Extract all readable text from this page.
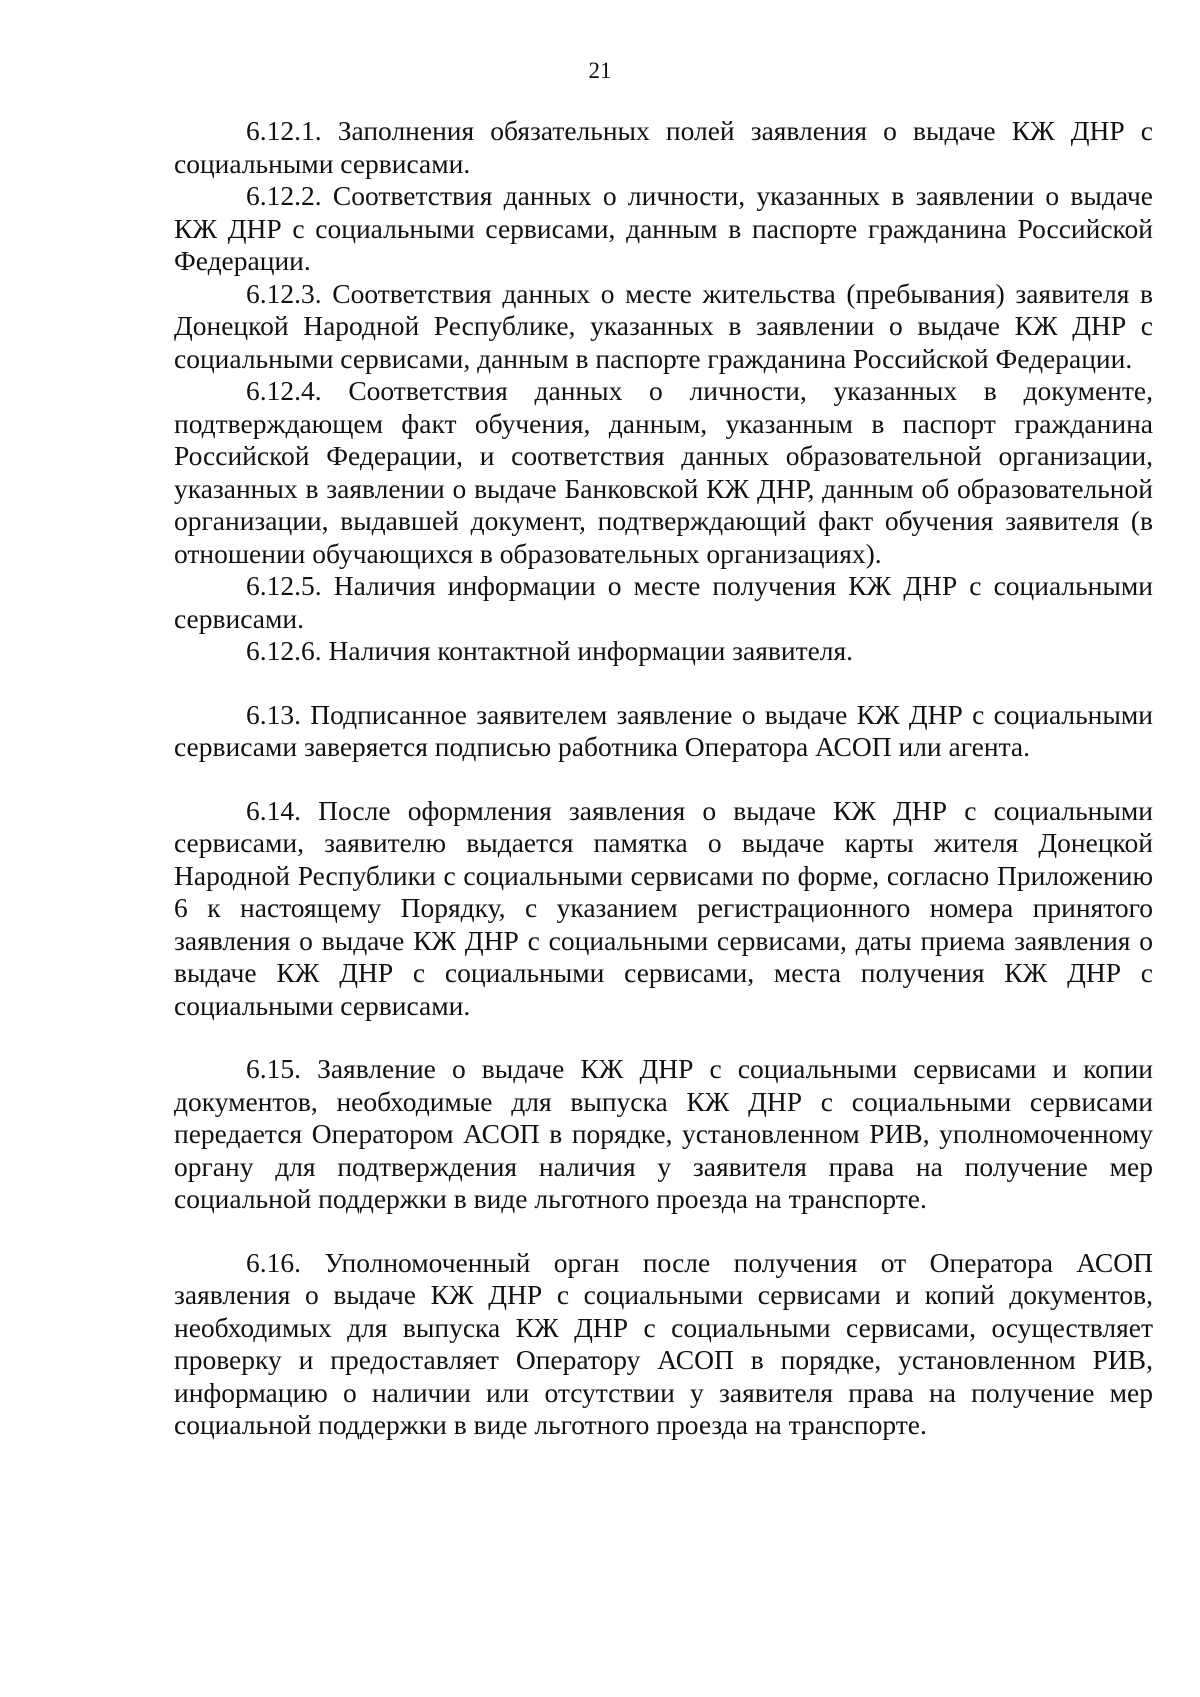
21

6.12.1. Заполнения обязательных полей заявления о выдаче КЖ ДНР с социальными сервисами.

6.12.2. Соответствия данных о личности, указанных в заявлении о выдаче КЖ ДНР с социальными сервисами, данным в паспорте гражданина Российской Федерации.

6.12.3. Соответствия данных о месте жительства (пребывания) заявителя в Донецкой Народной Республике, указанных в заявлении о выдаче КЖ ДНР с социальными сервисами, данным в паспорте гражданина Российской Федерации.

6.12.4. Соответствия данных о личности, указанных в документе, подтверждающем факт обучения, данным, указанным в паспорт гражданина Российской Федерации, и соответствия данных образовательной организации, указанных в заявлении о выдаче Банковской КЖ ДНР, данным об образовательной организации, выдавшей документ, подтверждающий факт обучения заявителя (в отношении обучающихся в образовательных организациях).

6.12.5. Наличия информации о месте получения КЖ ДНР с социальными сервисами.

6.12.6. Наличия контактной информации заявителя.

6.13. Подписанное заявителем заявление о выдаче КЖ ДНР с социальными сервисами заверяется подписью работника Оператора АСОП или агента.

6.14. После оформления заявления о выдаче КЖ ДНР с социальными сервисами, заявителю выдается памятка о выдаче карты жителя Донецкой Народной Республики с социальными сервисами по форме, согласно Приложению 6 к настоящему Порядку, с указанием регистрационного номера принятого заявления о выдаче КЖ ДНР с социальными сервисами, даты приема заявления о выдаче КЖ ДНР с социальными сервисами, места получения КЖ ДНР с социальными сервисами.

6.15. Заявление о выдаче КЖ ДНР с социальными сервисами и копии документов, необходимые для выпуска КЖ ДНР с социальными сервисами передается Оператором АСОП в порядке, установленном РИВ, уполномоченному органу для подтверждения наличия у заявителя права на получение мер социальной поддержки в виде льготного проезда на транспорте.

6.16. Уполномоченный орган после получения от Оператора АСОП заявления о выдаче КЖ ДНР с социальными сервисами и копий документов, необходимых для выпуска КЖ ДНР с социальными сервисами, осуществляет проверку и предоставляет Оператору АСОП в порядке, установленном РИВ, информацию о наличии или отсутствии у заявителя права на получение мер социальной поддержки в виде льготного проезда на транспорте.
